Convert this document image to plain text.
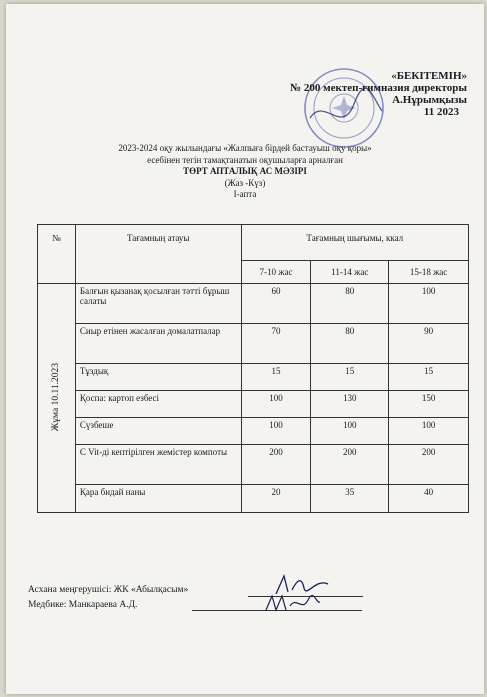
«БЕКІТЕМІН»
№ 200 мектеп-гимназия директоры
А.Нұрымқызы
11 2023
2023-2024 оқу жылындағы «Жалпыға бірдей бастауыш оқу қоры»
есебінен тегін тамақтанатын оқушыларға арналған
ТӨРТ АПТАЛЫҚ АС МӘЗІРІ
(Жаз -Күз)
І-апта
№	Тағамның атауы	Тағамның шығымы, ккал		
		7-10 жас	11-14 жас	15-18 жас
Жұма 10.11.2023	Балғын қызанақ қосылған тәтті бұрыш салаты	60	80	100
	Сиыр етінен жасалған домалатпалар	70	80	90
	Тұздық	15	15	15
	Қоспа: картоп езбесі	100	130	150
	Сүзбеше	100	100	100
	С Vit-ді кептірілген жемістер компоты	200	200	200
	Қара бидай наны	20	35	40
Асхана меңгерушісі: ЖК «Абылқасым»
Медбике: Манкараева А.Д.
